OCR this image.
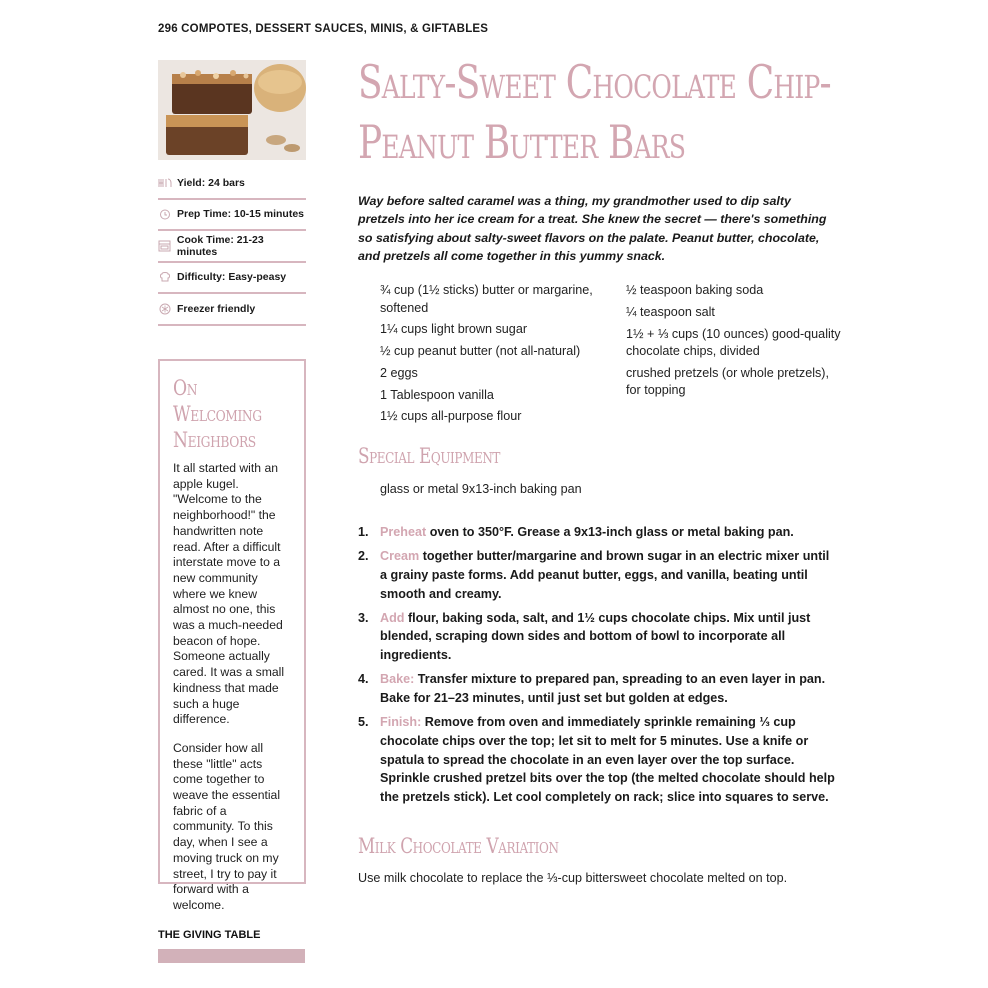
296 COMPOTES, DESSERT SAUCES, MINIS, & GIFTABLES
Yield: 24 bars
Prep Time: 10-15 minutes
Cook Time: 21-23 minutes
Difficulty: Easy-peasy
Freezer friendly
On Welcoming
Neighbors

It all started with an apple kugel. "Welcome to the neighborhood!" the handwritten note read. After a difficult interstate move to a new community where we knew almost no one, this was a much-needed beacon of hope. Someone actually cared. It was a small kindness that made such a huge difference.

Consider how all these "little" acts come together to weave the essential fabric of a community. To this day, when I see a moving truck on my street, I try to pay it forward with a welcome.

THE GIVING TABLE
Salty-Sweet Chocolate Chip-
Peanut Butter Bars
Way before salted caramel was a thing, my grandmother used to dip salty pretzels into her ice cream for a treat. She knew the secret — there's something so satisfying about salty-sweet flavors on the palate. Peanut butter, chocolate, and pretzels all come together in this yummy snack.
¾ cup (1½ sticks) butter or margarine, softened
1¼ cups light brown sugar
½ cup peanut butter (not all-natural)
2 eggs
1 Tablespoon vanilla
1½ cups all-purpose flour
½ teaspoon baking soda
¼ teaspoon salt
1½ + ⅓ cups (10 ounces) good-quality chocolate chips, divided
crushed pretzels (or whole pretzels), for topping
Special Equipment
glass or metal 9x13-inch baking pan
1. Preheat oven to 350°F. Grease a 9x13-inch glass or metal baking pan.
2. Cream together butter/margarine and brown sugar in an electric mixer until a grainy paste forms. Add peanut butter, eggs, and vanilla, beating until smooth and creamy.
3. Add flour, baking soda, salt, and 1½ cups chocolate chips. Mix until just blended, scraping down sides and bottom of bowl to incorporate all ingredients.
4. Bake: Transfer mixture to prepared pan, spreading to an even layer in pan. Bake for 21–23 minutes, until just set but golden at edges.
5. Finish: Remove from oven and immediately sprinkle remaining ⅓ cup chocolate chips over the top; let sit to melt for 5 minutes. Use a knife or spatula to spread the chocolate in an even layer over the top surface. Sprinkle crushed pretzel bits over the top (the melted chocolate should help the pretzels stick). Let cool completely on rack; slice into squares to serve.
Milk Chocolate Variation
Use milk chocolate to replace the ⅓-cup bittersweet chocolate melted on top.
